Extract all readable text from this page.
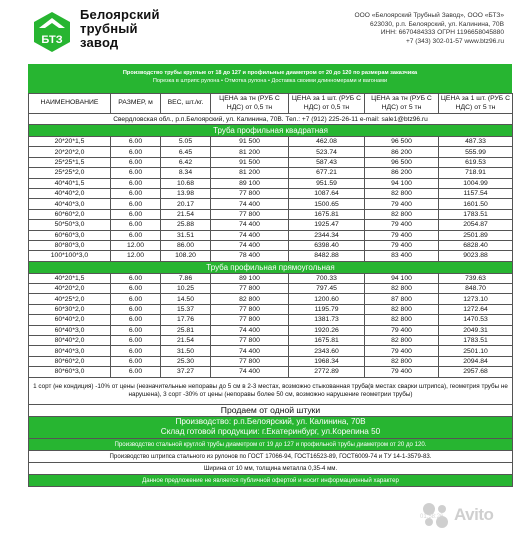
БТЗ
Белоярский
трубный
завод
ООО «Белоярский Трубный Завод», ООО «БТЗ»
623030, р.п. Белоярский, ул. Калинина, 70В
ИНН: 6670484333 ОГРН 1196658045880
+7 (343) 302-01-57 www.btz96.ru
Производство трубы круглые от 18 до 127 и профильные диаметром от 20 до 120 по размерам заказчика
Порезка в штрипс рулона • Отмотка рулона • Доставка своими длинномерами и вагонами
НАИМЕНОВАНИЕ	РАЗМЕР, м	ВЕС, шт./кг.	ЦЕНА за тн (РУБ С НДС) от 0,5 тн	ЦЕНА за 1 шт. (РУБ С НДС) от 0,5 тн	ЦЕНА за тн (РУБ С НДС) от 5 тн	ЦЕНА за 1 шт. (РУБ С НДС) от 5 тн
Свердловская обл., р.п.Белоярский, ул. Калинина, 70В. Тел.: +7 (912) 225-26-11 e-mail: sale1@btz96.ru						
Труба профильная квадратная						
20*20*1,5	6.00	5.05	91 500	462.08	96 500	487.33
20*20*2,0	6.00	6.45	81 200	523.74	86 200	555.99
25*25*1,5	6.00	6.42	91 500	587.43	96 500	619.53
25*25*2,0	6.00	8.34	81 200	677.21	86 200	718.91
40*40*1,5	6.00	10.68	89 100	951.59	94 100	1004.99
40*40*2,0	6.00	13.98	77 800	1087.64	82 800	1157.54
40*40*3,0	6.00	20.17	74 400	1500.65	79 400	1601.50
60*60*2,0	6.00	21.54	77 800	1675.81	82 800	1783.51
50*50*3,0	6.00	25.88	74 400	1925.47	79 400	2054.87
60*60*3,0	6.00	31.51	74 400	2344.34	79 400	2501.89
80*80*3,0	12.00	86.00	74 400	6398.40	79 400	6828.40
100*100*3,0	12.00	108.20	78 400	8482.88	83 400	9023.88
Труба профильная прямоугольная						
40*20*1,5	6.00	7.86	89 100	700.33	94 100	739.63
40*20*2,0	6.00	10.25	77 800	797.45	82 800	848.70
40*25*2,0	6.00	14.50	82 800	1200.60	87 800	1273.10
60*30*2,0	6.00	15.37	77 800	1195.79	82 800	1272.64
60*40*2,0	6.00	17.76	77 800	1381.73	82 800	1470.53
60*40*3,0	6.00	25.81	74 400	1920.26	79 400	2049.31
80*40*2,0	6.00	21.54	77 800	1675.81	82 800	1783.51
80*40*3,0	6.00	31.50	74 400	2343.60	79 400	2501.10
80*60*2,0	6.00	25.30	77 800	1968.34	82 800	2094.84
80*60*3,0	6.00	37.27	74 400	2772.89	79 400	2957.68
1 сорт (не кондиция) -10% от цены (незначительные непоравы до 5 см в 2-3 местах, возможно стыкованная труба(в местах сварки штрипса), геометрия трубы не нарушена), 3 сорт -30% от цены (непоравы более 50 см, возможно нарушение геометрии трубы)						
Продаем от одной штуки						

Производство: р.п.Белоярский, ул. Калинина, 70В
Склад готовой продукции: г.Екатеринбург, ул.Корепина 50						

Производство стальной круглой трубы диаметром от 19 до 127 и профильной трубы диаметром от 20 до 120.						
Производство штрипса стального из рулонов по ГОСТ 17066-94, ГОСТ16523-89, ГОСТ6009-74 и ТУ 14-1-3579-83.						
Ширина от 10 мм, толщина металла 0,35-4 мм.						
Данное предложение не является публичной офертой и носит информационный характер						
Avito
01:58:26
